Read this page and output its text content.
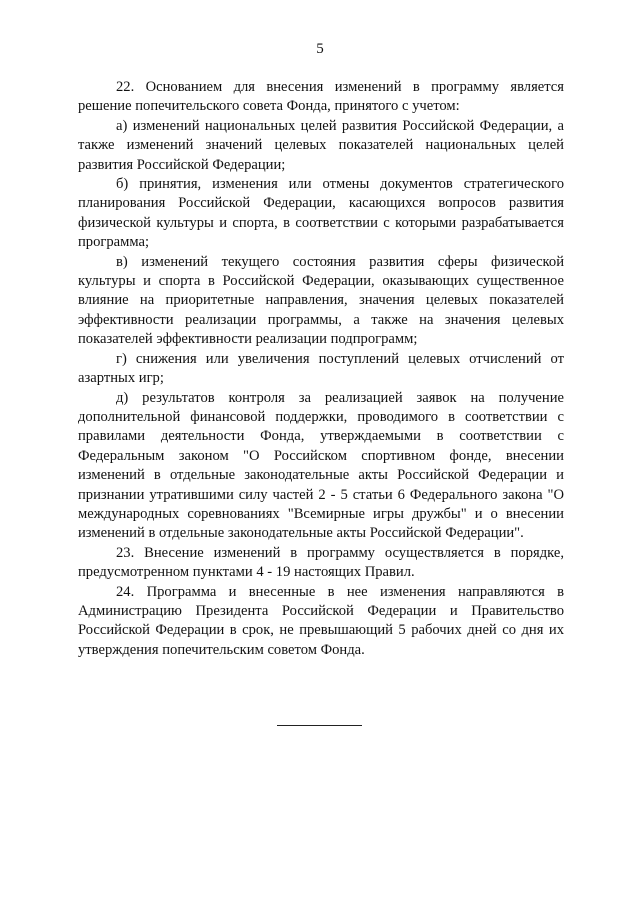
5

22. Основанием для внесения изменений в программу является решение попечительского совета Фонда, принятого с учетом:

а) изменений национальных целей развития Российской Федерации, а также изменений значений целевых показателей национальных целей развития Российской Федерации;

б) принятия, изменения или отмены документов стратегического планирования Российской Федерации, касающихся вопросов развития физической культуры и спорта, в соответствии с которыми разрабатывается программа;

в) изменений текущего состояния развития сферы физической культуры и спорта в Российской Федерации, оказывающих существенное влияние на приоритетные направления, значения целевых показателей эффективности реализации программы, а также на значения целевых показателей эффективности реализации подпрограмм;

г) снижения или увеличения поступлений целевых отчислений от азартных игр;

д) результатов контроля за реализацией заявок на получение дополнительной финансовой поддержки, проводимого в соответствии с правилами деятельности Фонда, утверждаемыми в соответствии с Федеральным законом "О Российском спортивном фонде, внесении изменений в отдельные законодательные акты Российской Федерации и признании утратившими силу частей 2 - 5 статьи 6 Федерального закона "О международных соревнованиях "Всемирные игры дружбы" и о внесении изменений в отдельные законодательные акты Российской Федерации".

23. Внесение изменений в программу осуществляется в порядке, предусмотренном пунктами 4 - 19 настоящих Правил.

24. Программа и внесенные в нее изменения направляются в Администрацию Президента Российской Федерации и Правительство Российской Федерации в срок, не превышающий 5 рабочих дней со дня их утверждения попечительским советом Фонда.
